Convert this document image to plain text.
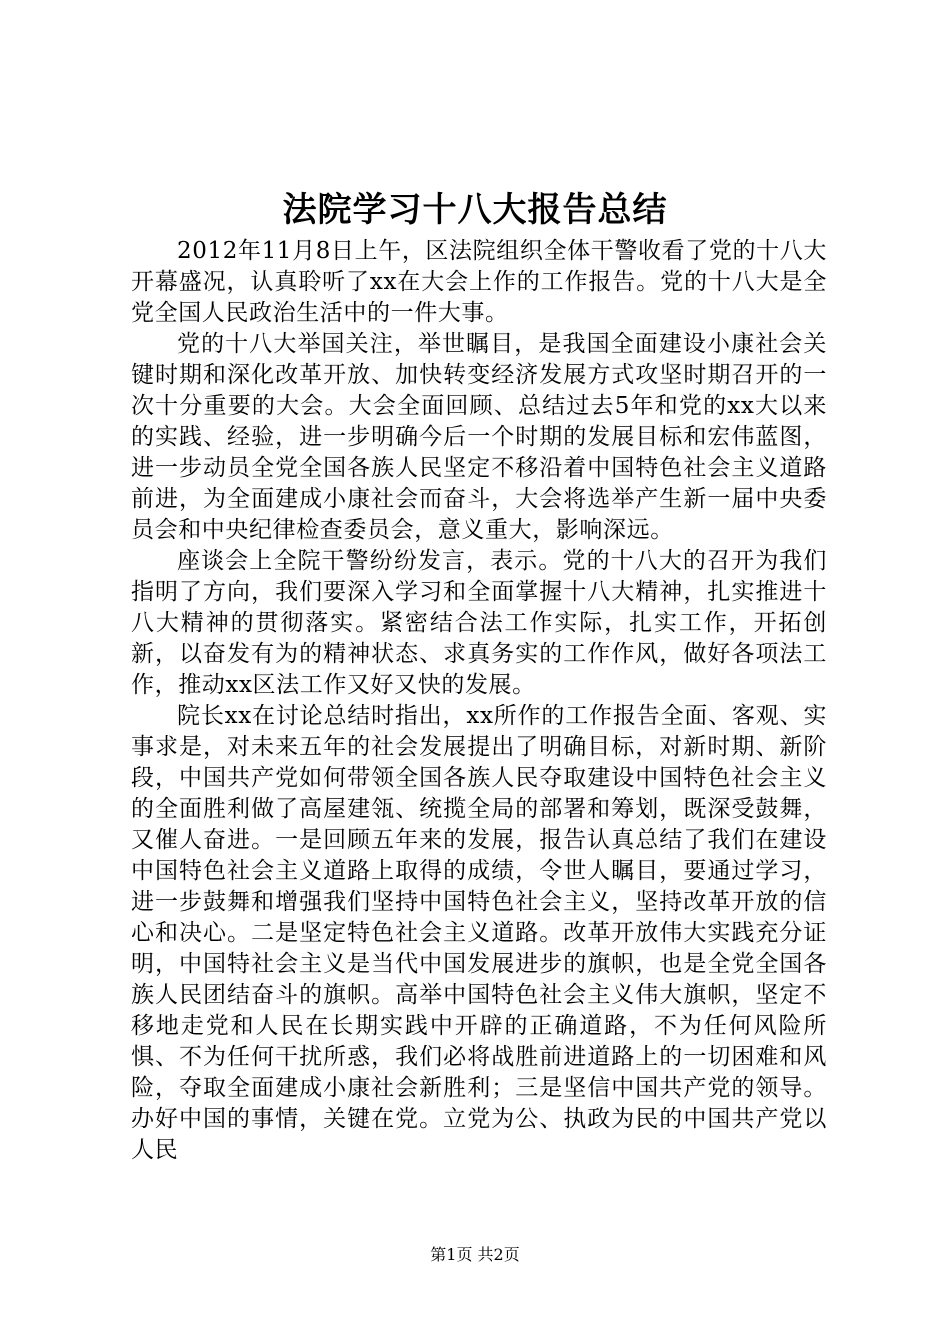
法院学习十八大报告总结

2012年11月8日上午，区法院组织全体干警收看了党的十八大开幕盛况，认真聆听了xx在大会上作的工作报告。党的十八大是全党全国人民政治生活中的一件大事。

党的十八大举国关注，举世瞩目，是我国全面建设小康社会关键时期和深化改革开放、加快转变经济发展方式攻坚时期召开的一次十分重要的大会。大会全面回顾、总结过去5年和党的xx大以来的实践、经验，进一步明确今后一个时期的发展目标和宏伟蓝图，进一步动员全党全国各族人民坚定不移沿着中国特色社会主义道路前进，为全面建成小康社会而奋斗，大会将选举产生新一届中央委员会和中央纪律检查委员会，意义重大，影响深远。

座谈会上全院干警纷纷发言，表示。党的十八大的召开为我们指明了方向，我们要深入学习和全面掌握十八大精神，扎实推进十八大精神的贯彻落实。紧密结合法工作实际，扎实工作，开拓创新，以奋发有为的精神状态、求真务实的工作作风，做好各项法工作，推动xx区法工作又好又快的发展。

院长xx在讨论总结时指出，xx所作的工作报告全面、客观、实事求是，对未来五年的社会发展提出了明确目标，对新时期、新阶段，中国共产党如何带领全国各族人民夺取建设中国特色社会主义的全面胜利做了高屋建瓴、统揽全局的部署和筹划，既深受鼓舞，又催人奋进。一是回顾五年来的发展，报告认真总结了我们在建设中国特色社会主义道路上取得的成绩，令世人瞩目，要通过学习，进一步鼓舞和增强我们坚持中国特色社会主义，坚持改革开放的信心和决心。二是坚定特色社会主义道路。改革开放伟大实践充分证明，中国特社会主义是当代中国发展进步的旗帜，也是全党全国各族人民团结奋斗的旗帜。高举中国特色社会主义伟大旗帜，坚定不移地走党和人民在长期实践中开辟的正确道路，不为任何风险所惧、不为任何干扰所惑，我们必将战胜前进道路上的一切困难和风险，夺取全面建成小康社会新胜利；三是坚信中国共产党的领导。办好中国的事情，关键在党。立党为公、执政为民的中国共产党以人民

第1页 共2页
